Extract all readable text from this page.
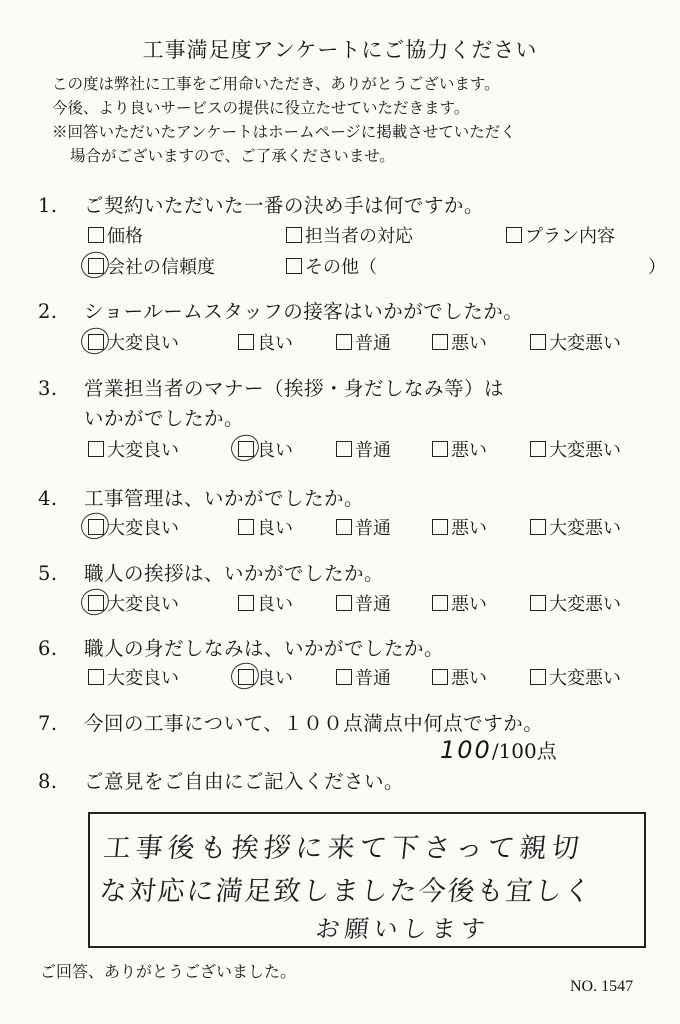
工事満足度アンケートにご協力ください
この度は弊社に工事をご用命いただき、ありがとうございます。
今後、より良いサービスの提供に役立たせていただきます。
※回答いただいたアンケートはホームページに掲載させていただく
場合がございますので、ご了承くださいませ。
1. ご契約いただいた一番の決め手は何ですか。
価格	担当者の対応	プラン内容
会社の信頼度	その他（	）
2. ショールームスタッフの接客はいかがでしたか。
大変良い	良い	普通	悪い	大変悪い
3. 営業担当者のマナー（挨拶・身だしなみ等）は
いかがでしたか。
大変良い	良い	普通	悪い	大変悪い
4. 工事管理は、いかがでしたか。
大変良い	良い	普通	悪い	大変悪い
5. 職人の挨拶は、いかがでしたか。
大変良い	良い	普通	悪い	大変悪い
6. 職人の身だしなみは、いかがでしたか。
大変良い	良い	普通	悪い	大変悪い
7. 今回の工事について、１００点満点中何点ですか。
100/100点
8. ご意見をご自由にご記入ください。
工事後も挨拶に来て下さって親切
な対応に満足致しました今後も宜しく
お願いします
ご回答、ありがとうございました。
NO. 1547
